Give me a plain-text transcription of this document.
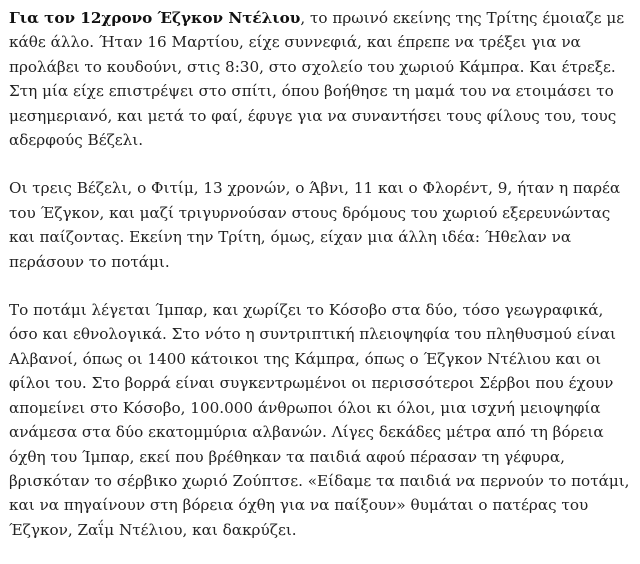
Για τον 12χρονο Έζγκον Ντέλιου, το πρωινό εκείνης της Τρίτης έμοιαζε με κάθε άλλο. Ήταν 16 Μαρτίου, είχε συννεφιά, και έπρεπε να τρέξει για να προλάβει το κουδούνι, στις 8:30, στο σχολείο του χωριού Κάμπρα. Και έτρεξε. Στη μία είχε επιστρέψει στο σπίτι, όπου βοήθησε τη μαμά του να ετοιμάσει το μεσημεριανό, και μετά το φαί, έφυγε για να συναντήσει τους φίλους του, τους αδερφούς Βέζελι.

Οι τρεις Βέζελι, ο Φιτίμ, 13 χρονών, ο Άβνι, 11 και ο Φλορέντ, 9, ήταν η παρέα του Έζγκον, και μαζί τριγυρνούσαν στους δρόμους του χωριού εξερευνώντας και παίζοντας. Εκείνη την Τρίτη, όμως, είχαν μια άλλη ιδέα: Ήθελαν να περάσουν το ποτάμι.

Το ποτάμι λέγεται Ίμπαρ, και χωρίζει το Κόσοβο στα δύο, τόσο γεωγραφικά, όσο και εθνολογικά. Στο νότο η συντριπτική πλειοψηφία του πληθυσμού είναι Αλβανοί, όπως οι 1400 κάτοικοι της Κάμπρα, όπως ο Έζγκον Ντέλιου και οι φίλοι του. Στο βορρά είναι συγκεντρωμένοι οι περισσότεροι Σέρβοι που έχουν απομείνει στο Κόσοβο, 100.000 άνθρωποι όλοι κι όλοι, μια ισχνή μειοψηφία ανάμεσα στα δύο εκατομμύρια αλβανών. Λίγες δεκάδες μέτρα από τη βόρεια όχθη του Ίμπαρ, εκεί που βρέθηκαν τα παιδιά αφού πέρασαν τη γέφυρα, βρισκόταν το σέρβικο χωριό Ζούπτσε. «Είδαμε τα παιδιά να περνούν το ποτάμι, και να πηγαίνουν στη βόρεια όχθη για να παίξουν» θυμάται ο πατέρας του Έζγκον, Ζαΐμ Ντέλιου, και δακρύζει.
